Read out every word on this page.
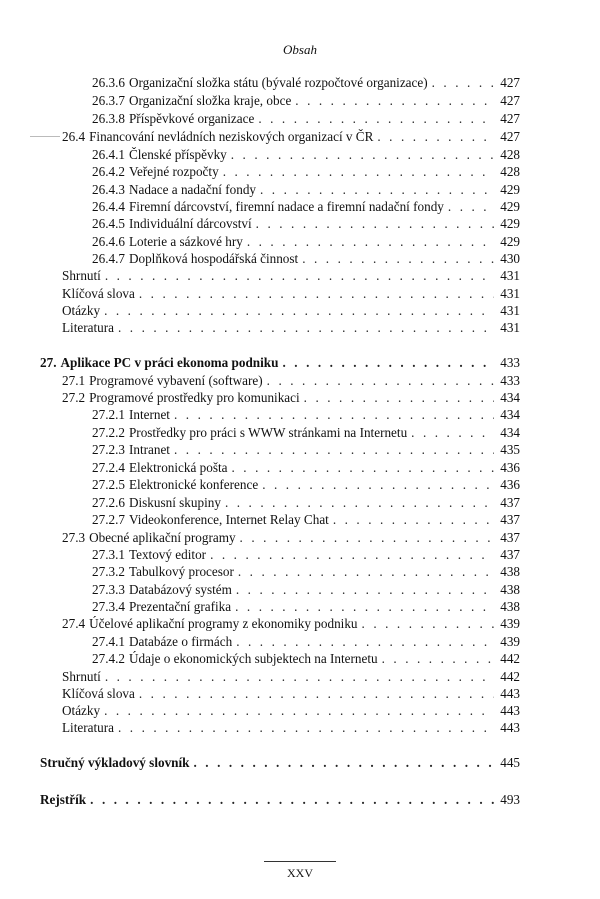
Obsah
26.3.6 Organizační složka státu (bývalé rozpočtové organizace) . . .	427
26.3.7 Organizační složka kraje, obce . . .	427
26.3.8 Příspěvkové organizace . . .	427
26.4 Financování nevládních neziskových organizací v ČR . . .	427
26.4.1 Členské příspěvky . . .	428
26.4.2 Veřejné rozpočty . . .	428
26.4.3 Nadace a nadační fondy . . .	429
26.4.4 Firemní dárcovství, firemní nadace a firemní nadační fondy . . .	429
26.4.5 Individuální dárcovství . . .	429
26.4.6 Loterie a sázkové hry . . .	429
26.4.7 Doplňková hospodářská činnost . . .	430
Shrnutí . . .	431
Klíčová slova . . .	431
Otázky . . .	431
Literatura . . .	431
27. Aplikace PC v práci ekonoma podniku . . .	433
27.1 Programové vybavení (software) . . .	433
27.2 Programové prostředky pro komunikaci . . .	434
27.2.1 Internet . . .	434
27.2.2 Prostředky pro práci s WWW stránkami na Internetu . . .	434
27.2.3 Intranet . . .	435
27.2.4 Elektronická pošta . . .	436
27.2.5 Elektronické konference . . .	436
27.2.6 Diskusní skupiny . . .	437
27.2.7 Videokonference, Internet Relay Chat . . .	437
27.3 Obecné aplikační programy . . .	437
27.3.1 Textový editor . . .	437
27.3.2 Tabulkový procesor . . .	438
27.3.3 Databázový systém . . .	438
27.3.4 Prezentační grafika . . .	438
27.4 Účelové aplikační programy z ekonomiky podniku . . .	439
27.4.1 Databáze o firmách . . .	439
27.4.2 Údaje o ekonomických subjektech na Internetu . . .	442
Shrnutí . . .	442
Klíčová slova . . .	443
Otázky . . .	443
Literatura . . .	443
Stručný výkladový slovník . . .	445
Rejstřík . . .	493
XXV
